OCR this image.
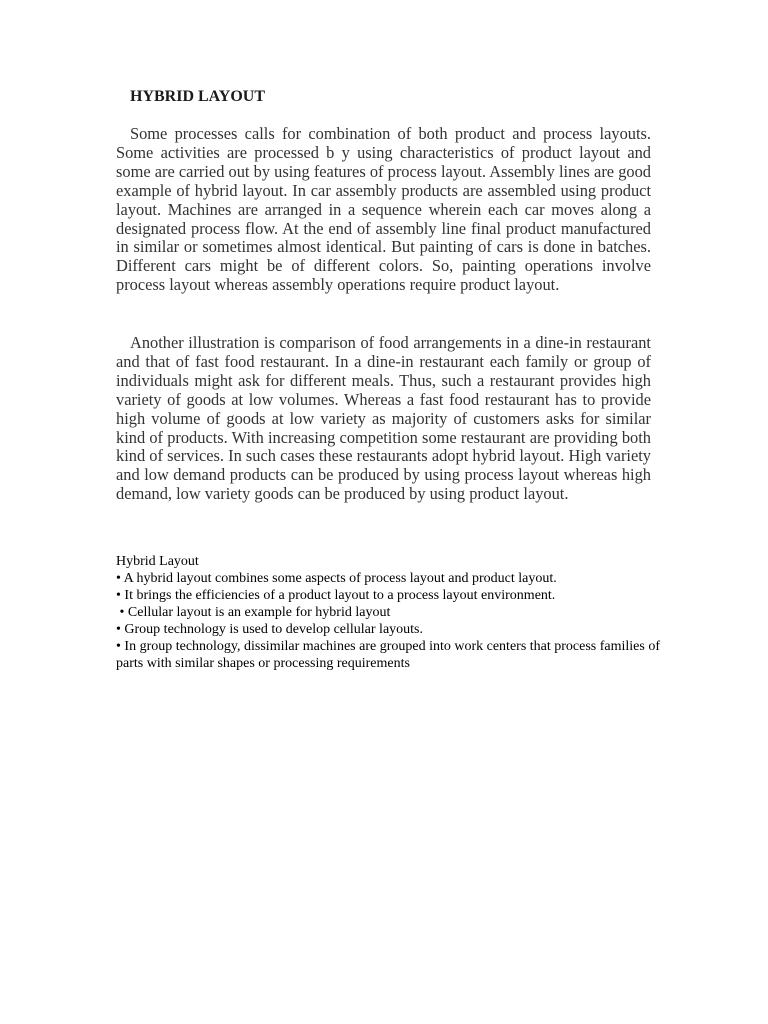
HYBRID LAYOUT

Some processes calls for combination of both product and process layouts. Some activities are processed b y using characteristics of product layout and some are carried out by using features of process layout. Assembly lines are good example of hybrid layout. In car assembly products are assembled using product layout. Machines are arranged in a sequence wherein each car moves along a designated process flow. At the end of assembly line final product manufactured in similar or sometimes almost identical. But painting of cars is done in batches. Different cars might be of different colors. So, painting operations involve process layout whereas assembly operations require product layout.

Another illustration is comparison of food arrangements in a dine-in restaurant and that of fast food restaurant. In a dine-in restaurant each family or group of individuals might ask for different meals. Thus, such a restaurant provides high variety of goods at low volumes. Whereas a fast food restaurant has to provide high volume of goods at low variety as majority of customers asks for similar kind of products. With increasing competition some restaurant are providing both kind of services. In such cases these restaurants adopt hybrid layout. High variety and low demand products can be produced by using process layout whereas high demand, low variety goods can be produced by using product layout.

Hybrid Layout
• A hybrid layout combines some aspects of process layout and product layout.
• It brings the efficiencies of a product layout to a process layout environment.
• Cellular layout is an example for hybrid layout
• Group technology is used to develop cellular layouts.
• In group technology, dissimilar machines are grouped into work centers that process families of parts with similar shapes or processing requirements
